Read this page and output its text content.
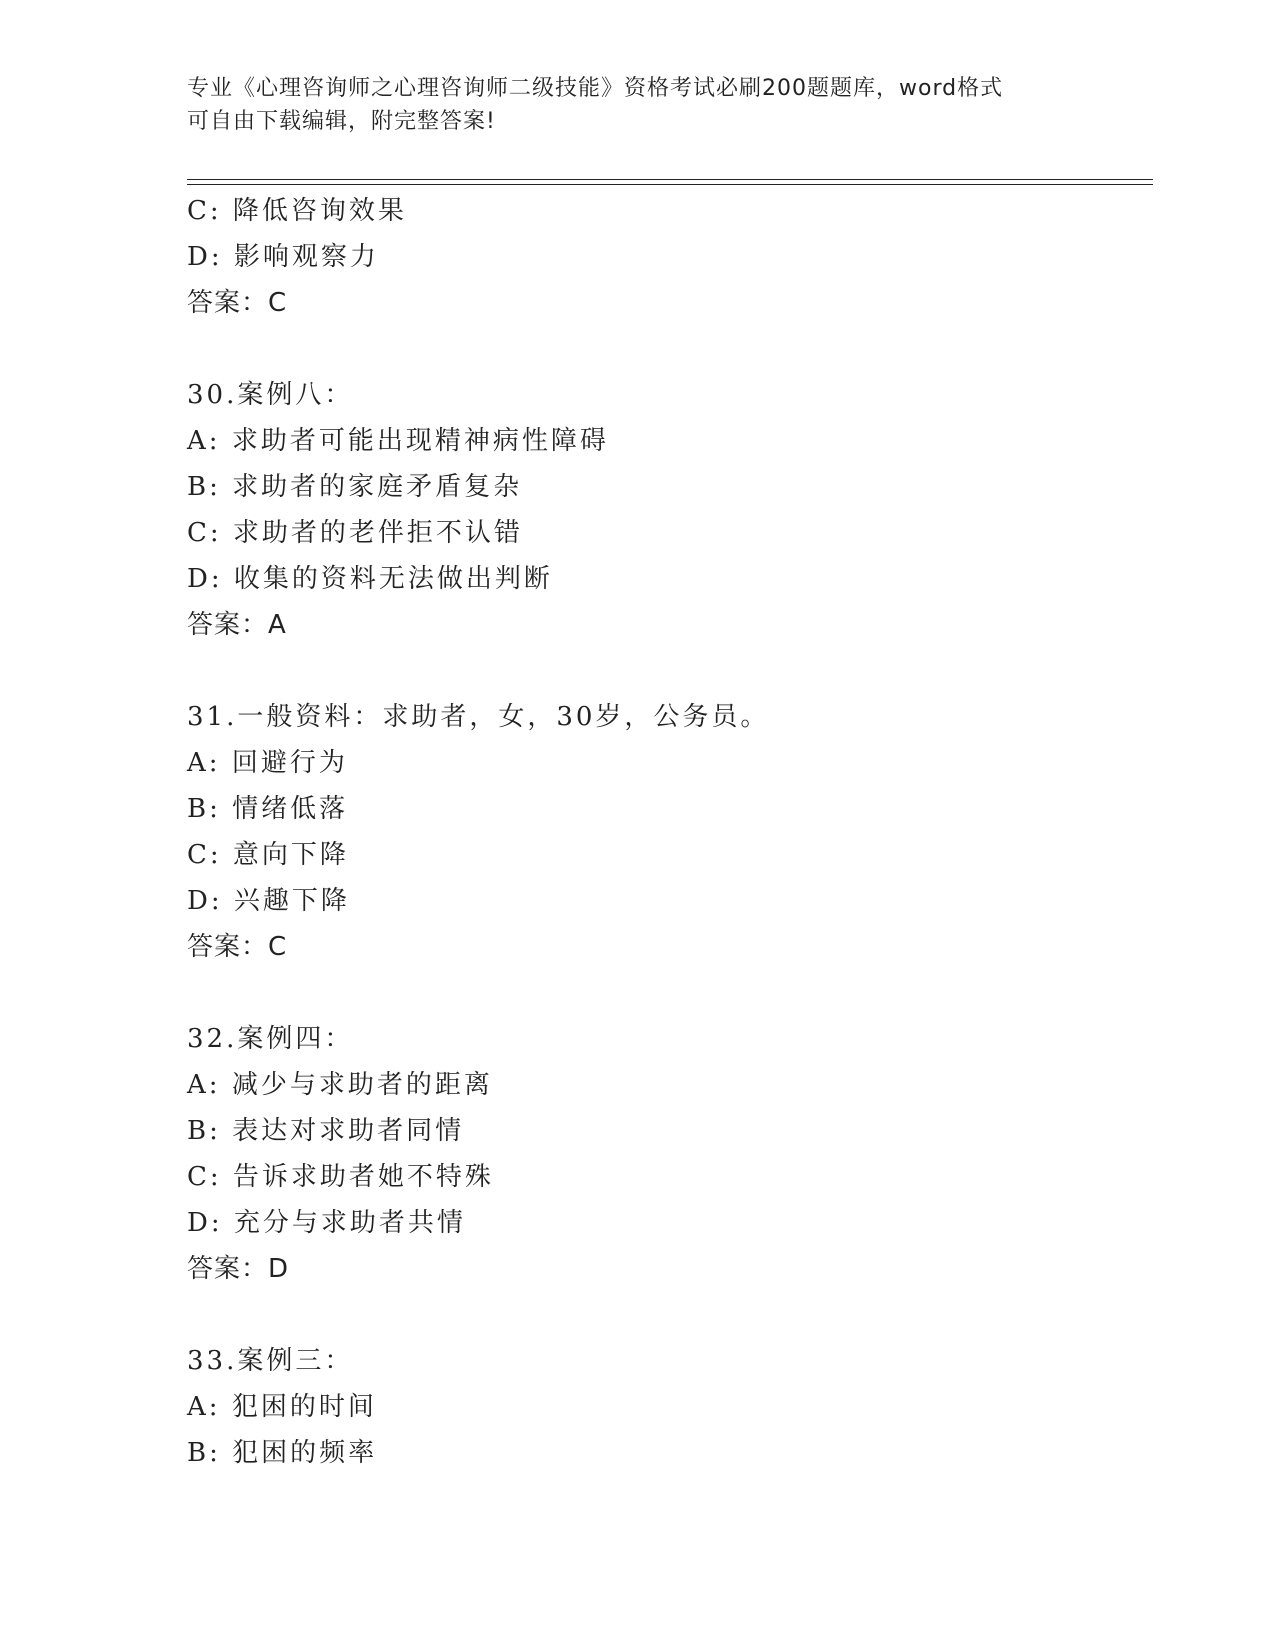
专业《心理咨询师之心理咨询师二级技能》资格考试必刷200题题库，word格式
可自由下载编辑，附完整答案!
C: 降低咨询效果
D: 影响观察力
答案：C
30.案例八：
A: 求助者可能出现精神病性障碍
B: 求助者的家庭矛盾复杂
C: 求助者的老伴拒不认错
D: 收集的资料无法做出判断
答案：A
31.一般资料：求助者，女，30岁，公务员。
A: 回避行为
B: 情绪低落
C: 意向下降
D: 兴趣下降
答案：C
32.案例四：
A: 减少与求助者的距离
B: 表达对求助者同情
C: 告诉求助者她不特殊
D: 充分与求助者共情
答案：D
33.案例三：
A: 犯困的时间
B: 犯困的频率
